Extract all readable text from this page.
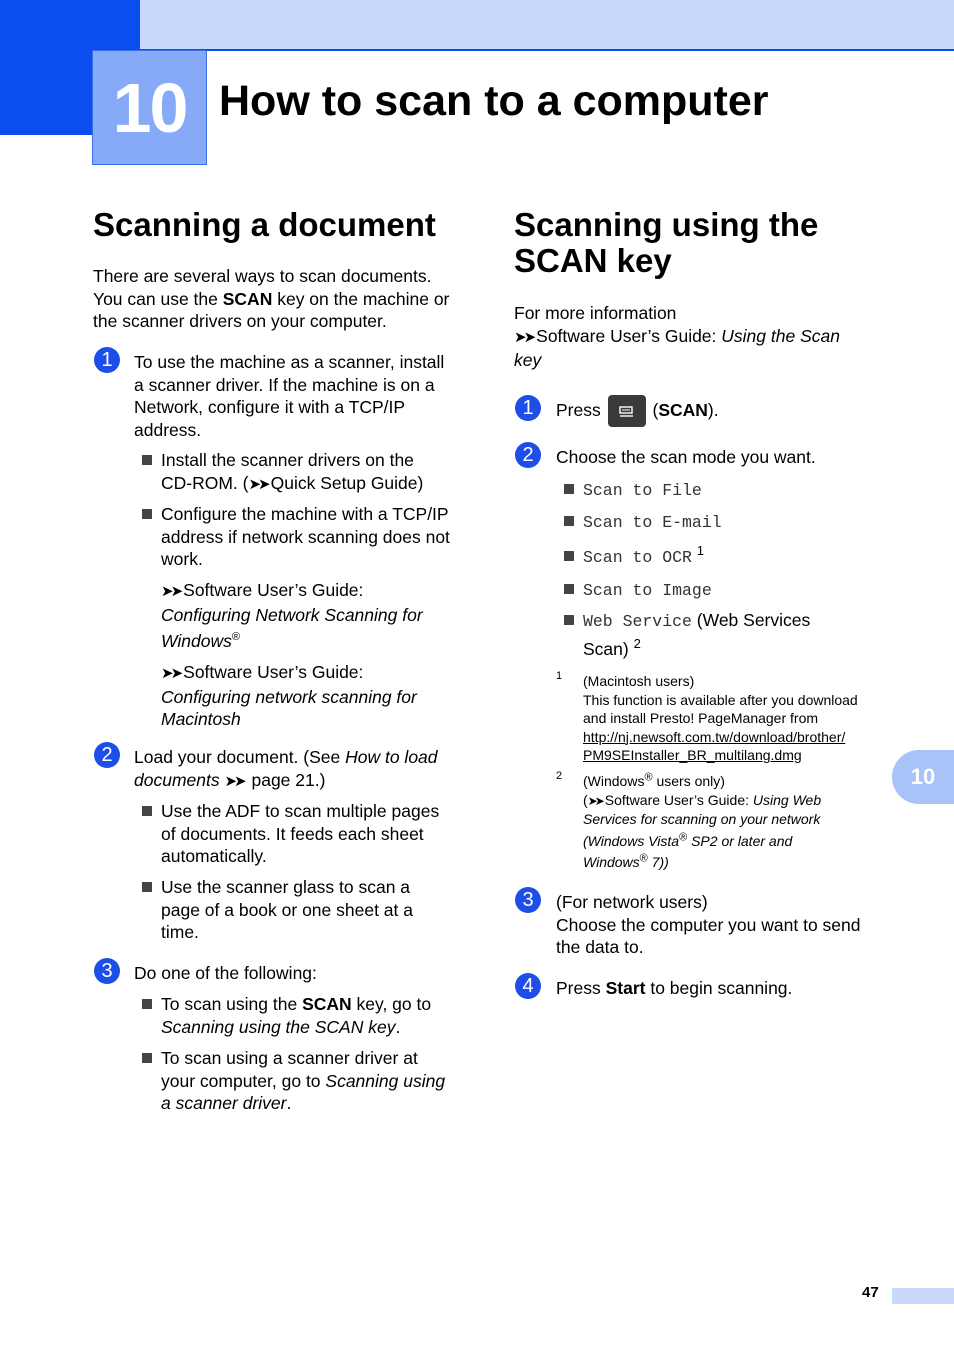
10 How to scan to a computer
Scanning a document
There are several ways to scan documents.
You can use the SCAN key on the machine or
the scanner drivers on your computer.
1	To use the machine as a scanner, install
a scanner driver. If the machine is on a
Network, configure it with a TCP/IP
address.
Install the scanner drivers on the
CD-ROM. (➤➤ Quick Setup Guide)
Configure the machine with a TCP/IP
address if network scanning does not
work.
➤➤ Software User’s Guide:
Configuring Network Scanning for
Windows®
➤➤ Software User’s Guide:
Configuring network scanning for
Macintosh
2	Load your document. (See How to load
documents ➤➤ page 21.)
Use the ADF to scan multiple pages
of documents. It feeds each sheet
automatically.
Use the scanner glass to scan a
page of a book or one sheet at a
time.
3	Do one of the following:
To scan using the SCAN key, go to
Scanning using the SCAN key.
To scan using a scanner driver at
your computer, go to Scanning using
a scanner driver.
Scanning using the
SCAN key
For more information
➤➤ Software User’s Guide: Using the Scan
key
1	Press	(SCAN).
2	Choose the scan mode you want.
Scan to File
Scan to E-mail
Scan to OCR $^1$
Scan to Image
Web Service (Web Services
Scan) $^2$
1 (Macintosh users)
This function is available after you download
and install Presto! PageManager from
http://nj.newsoft.com.tw/download/brother/
PM9SEInstaller_BR_multilang.dmg
2 (Windows® users only)
(➤➤ Software User’s Guide: Using Web
Services for scanning on your network
(Windows Vista® SP2 or later and
Windows® 7))
3	(For network users)
Choose the computer you want to send
the data to.
4	Press Start to begin scanning.
10
47
